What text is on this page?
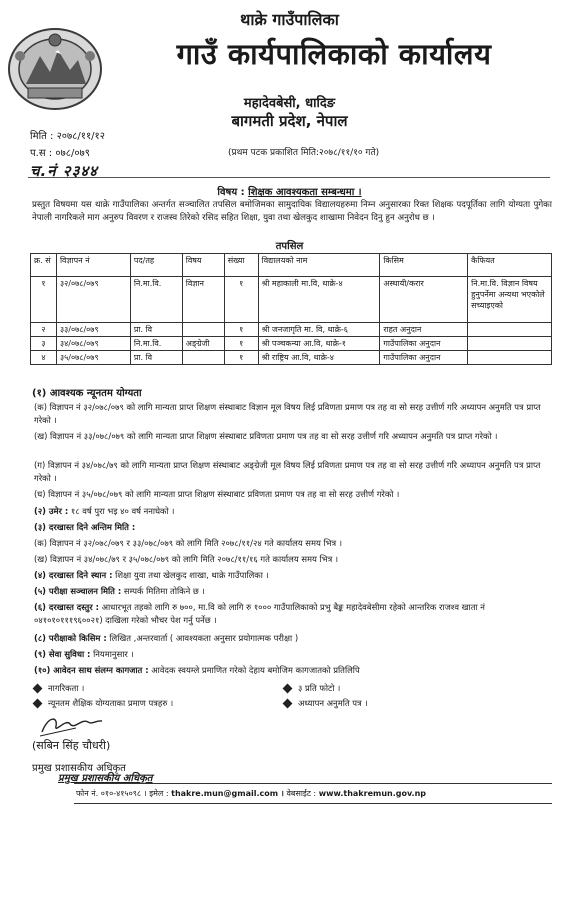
थाक्रे गाउँपालिका
गाउँ कार्यपालिकाको कार्यालय
महादेवबेसी, धादिङ
बागमती प्रदेश, नेपाल
मिति : २०७८/११/१२
प.स : ०७८/०७९
च.नं २३४४
(प्रथम पटक प्रकाशित मिति:२०७८/११/१० गते)
विषय : शिक्षक आवश्यकता सम्बन्धमा ।
प्रस्तुत विषयमा यस थाक्रे गाउँपालिका अन्तर्गत सञ्चालित तपसिल बमोजिमका सामुदायिक विद्यालयहरुमा निम्न अनुसारका रिक्त शिक्षक पदपूर्तिका लागि योग्यता पुगेका नेपाली नागरिकले माग अनुरुप विवरण र राजस्व तिरेको रसिद सहित शिक्षा, युवा तथा खेलकुद शाखामा निवेदन दिनु हुन अनुरोध छ ।
तपसिल
क्र. सं	विज्ञापन नं	पद/तह	विषय	संख्या	विद्यालयको नाम	किसिम	कैफियत
१	३२/०७८/०७९	नि.मा.वि.	विज्ञान	१	श्री महाकाली मा.वि, थाक्रे-४	अस्थायी/करार	नि.मा.वि. विज्ञान विषय हुनुपर्नेमा अन्यथा भएकोले सच्याइएको
२	३३/०७८/०७९	प्रा. वि		१	श्री जनजागृति मा. वि, थाक्रे-६	राहत अनुदान	
३	३४/०७८/०७९	नि.मा.वि.	अङ्ग्रेजी	१	श्री पञ्चकन्या आ.वि, थाक्रे-१	गाउँपालिका अनुदान	
४	३५/०७८/०७९	प्रा. वि		१	श्री राष्ट्रिय आ.वि, थाक्रे-४	गाउँपालिका अनुदान	
(१) आवश्यक न्यूनतम योग्यता
(क) विज्ञापन नं ३२/०७८/०७९ को लागि मान्यता प्राप्त शिक्षण संस्थाबाट विज्ञान मूल विषय लिई प्रविणता प्रमाण पत्र तह वा सो सरह उत्तीर्ण गरि अध्यापन अनुमति पत्र प्राप्त गरेको ।
(ख) विज्ञापन नं ३३/०७८/०७९ को लागि मान्यता प्राप्त शिक्षण संस्थाबाट प्रविणता प्रमाण पत्र तह वा सो सरह उत्तीर्ण गरि अध्यापन अनुमति पत्र प्राप्त गरेको ।
(ग) विज्ञापन नं ३४/०७८/७९ को लागि मान्यता प्राप्त शिक्षण संस्थाबाट अङ्ग्रेजी मूल विषय लिई प्रविणता प्रमाण पत्र तह वा सो सरह उत्तीर्ण गरि अध्यापन अनुमति पत्र प्राप्त गरेको ।
(घ) विज्ञापन नं ३५/०७८/०७९ को लागि मान्यता प्राप्त शिक्षण संस्थाबाट प्रविणता प्रमाण पत्र तह वा सो सरह उत्तीर्ण गरेको ।
(२) उमेर : १८ वर्ष पुरा भइ ४० वर्ष ननाघेको ।
(३) दरखास्त दिने अन्तिम मिति :
(क) विज्ञापन नं ३२/०७८/०७९ र ३३/०७८/०७९ को लागि मिति २०७८/११/२४ गते कार्यालय समय भित्र ।
(ख) विज्ञापन नं ३४/०७८/७९ र ३५/०७८/०७९ को लागि मिति २०७८/११/१६ गते कार्यालय समय भित्र ।
(४) दरखास्त दिने स्थान : शिक्षा युवा तथा खेलकुद शाखा, थाक्रे गाउँपालिका ।
(५) परीक्षा सञ्चालन मिति : सम्पर्क मितिमा तोकिने छ ।
(६) दरखास्त दस्तुर : आधारभूत तहको लागि रु ७००, मा.वि को लागि रु १००० गाउँपालिकाको प्रभु बैङ्क महादेवबेसीमा रहेको आन्तरिक राजश्व खाता नं ०४१०१०१११९६००२१) दाखिला गरेको भौचर पेश गर्नु पर्नेछ ।
(८) परीक्षाको किसिम : लिखित ,अन्तरवार्ता ( आवश्यकता अनुसार प्रयोगात्मक परीक्षा )
(९) सेवा सुविधा : नियमानुसार ।
(१०) आवेदन साथ संलग्न कागजात : आवेदक स्वयम्ले प्रमाणित गरेको देहाय बमोजिम कागजातको प्रतिलिपि
नागरिकता ।	३ प्रति फोटो ।
न्यूनतम शैक्षिक योग्यताका प्रमाण पत्रहरु ।	अध्यापन अनुमति पत्र ।
(सबिन सिंह चौधरी)
प्रमुख प्रशासकीय अधिकृत
प्रमुख प्रशासकीय अधिकृत
फोन नं. ०१०-४१५०९८ । इमेल : thakre.mun@gmail.com । वेबसाईट : www.thakremun.gov.np
